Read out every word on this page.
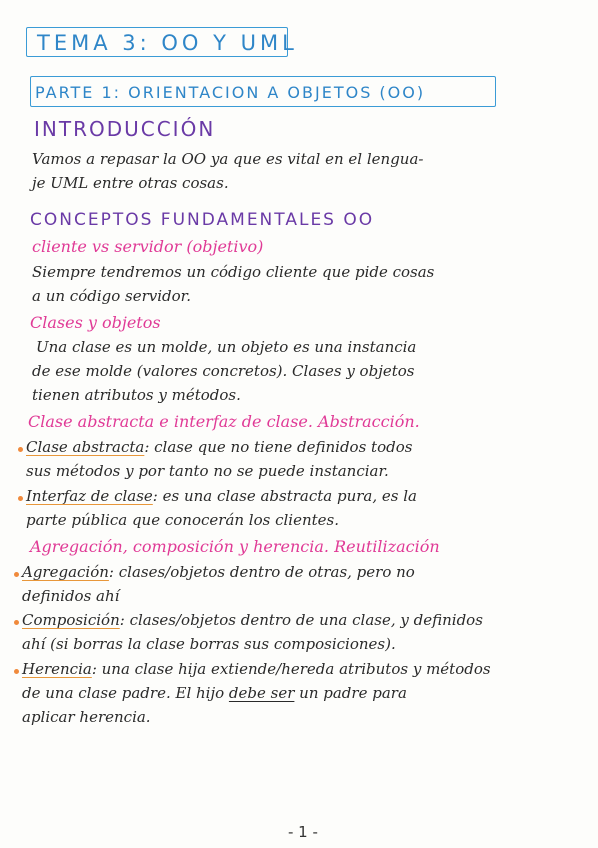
TEMA 3: OO Y UML
PARTE 1: ORIENTACION A OBJETOS (OO)
INTRODUCCIÓN
Vamos a repasar la OO ya que es vital en el lengua-
je UML entre otras cosas.
CONCEPTOS FUNDAMENTALES OO
cliente vs servidor (objetivo)
Siempre tendremos un código cliente que pide cosas
a un código servidor.
Clases y objetos
Una clase es un molde, un objeto es una instancia
de ese molde (valores concretos). Clases y objetos
tienen atributos y métodos.
Clase abstracta e interfaz de clase. Abstracción.
Clase abstracta: clase que no tiene definidos todos
sus métodos y por tanto no se puede instanciar.
Interfaz de clase: es una clase abstracta pura, es la
parte pública que conocerán los clientes.
Agregación, composición y herencia. Reutilización
Agregación: clases/objetos dentro de otras, pero no
definidos ahí
Composición: clases/objetos dentro de una clase, y definidos
ahí (si borras la clase borras sus composiciones).
Herencia: una clase hija extiende/hereda atributos y métodos
de una clase padre. El hijo debe ser un padre para
aplicar herencia.
- 1 -
